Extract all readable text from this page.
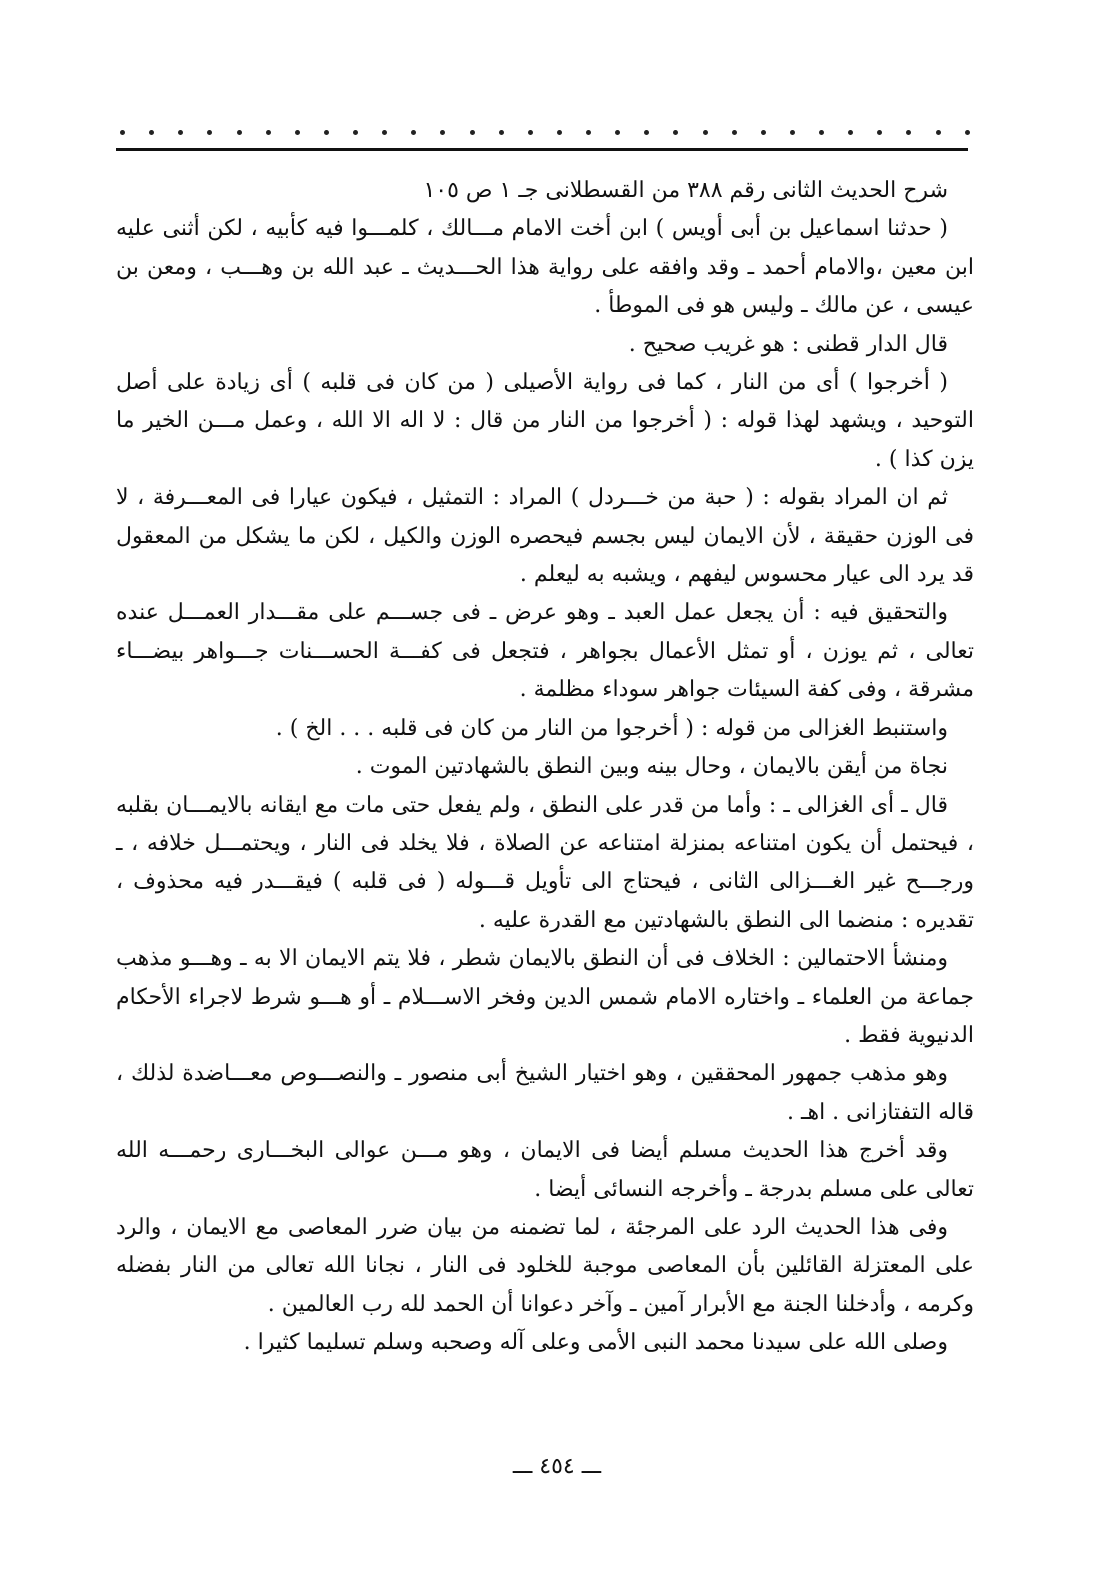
شرح الحديث الثانى رقم ٣٨٨ من القسطلانى جـ ١ ص ١٠٥

( حدثنا اسماعيل بن أبى أويس ) ابن أخت الامام مـــالك ، كلمـــوا فيه كأبيه ، لكن أثنى عليه ابن معين ،والامام أحمد ـ وقد وافقه على رواية هذا الحـــديث ـ عبد الله بن وهـــب ، ومعن بن عيسى ، عن مالك ـ وليس هو فى الموطأ .

قال الدار قطنى : هو غريب صحيح .

( أخرجوا ) أى من النار ، كما فى رواية الأصيلى ( من كان فى قلبه ) أى زيادة على أصل التوحيد ، ويشهد لهذا قوله : ( أخرجوا من النار من قال : لا اله الا الله ، وعمل مـــن الخير ما يزن كذا ) .

ثم ان المراد بقوله : ( حبة من خـــردل ) المراد : التمثيل ، فيكون عيارا فى المعـــرفة ، لا فى الوزن حقيقة ، لأن الايمان ليس بجسم فيحصره الوزن والكيل ، لكن ما يشكل من المعقول قد يرد الى عيار محسوس ليفهم ، ويشبه به ليعلم .

والتحقيق فيه : أن يجعل عمل العبد ـ وهو عرض ـ فى جســـم على مقـــدار العمـــل عنده تعالى ، ثم يوزن ، أو تمثل الأعمال بجواهر ، فتجعل فى كفـــة الحســـنات جـــواهر بيضـــاء مشرقة ، وفى كفة السيئات جواهر سوداء مظلمة .

واستنبط الغزالى من قوله : ( أخرجوا من النار من كان فى قلبه . . . الخ ) .

نجاة من أيقن بالايمان ، وحال بينه وبين النطق بالشهادتين الموت .

قال ـ أى الغزالى ـ : وأما من قدر على النطق ، ولم يفعل حتى مات مع ايقانه بالايمـــان بقلبه ، فيحتمل أن يكون امتناعه بمنزلة امتناعه عن الصلاة ، فلا يخلد فى النار ، ويحتمـــل خلافه ، ـ ورجـــح غير الغـــزالى الثانى ، فيحتاج الى تأويل قـــوله ( فى قلبه ) فيقـــدر فيه محذوف ، تقديره : منضما الى النطق بالشهادتين مع القدرة عليه .

ومنشأ الاحتمالين : الخلاف فى أن النطق بالايمان شطر ، فلا يتم الايمان الا به ـ وهـــو مذهب جماعة من العلماء ـ واختاره الامام شمس الدين وفخر الاســـلام ـ أو هـــو شرط لاجراء الأحكام الدنيوية فقط .

وهو مذهب جمهور المحققين ، وهو اختيار الشيخ أبى منصور ـ والنصـــوص معـــاضدة لذلك ، قاله التفتازانى . اهـ .

وقد أخرج هذا الحديث مسلم أيضا فى الايمان ، وهو مـــن عوالى البخـــارى رحمـــه الله تعالى على مسلم بدرجة ـ وأخرجه النسائى أيضا .

وفى هذا الحديث الرد على المرجئة ، لما تضمنه من بيان ضرر المعاصى مع الايمان ، والرد على المعتزلة القائلين بأن المعاصى موجبة للخلود فى النار ، نجانا الله تعالى من النار بفضله وكرمه ، وأدخلنا الجنة مع الأبرار آمين ـ وآخر دعوانا أن الحمد لله رب العالمين .

وصلى الله على سيدنا محمد النبى الأمى وعلى آله وصحبه وسلم تسليما كثيرا .

ـــ ٤٥٤ ـــ
